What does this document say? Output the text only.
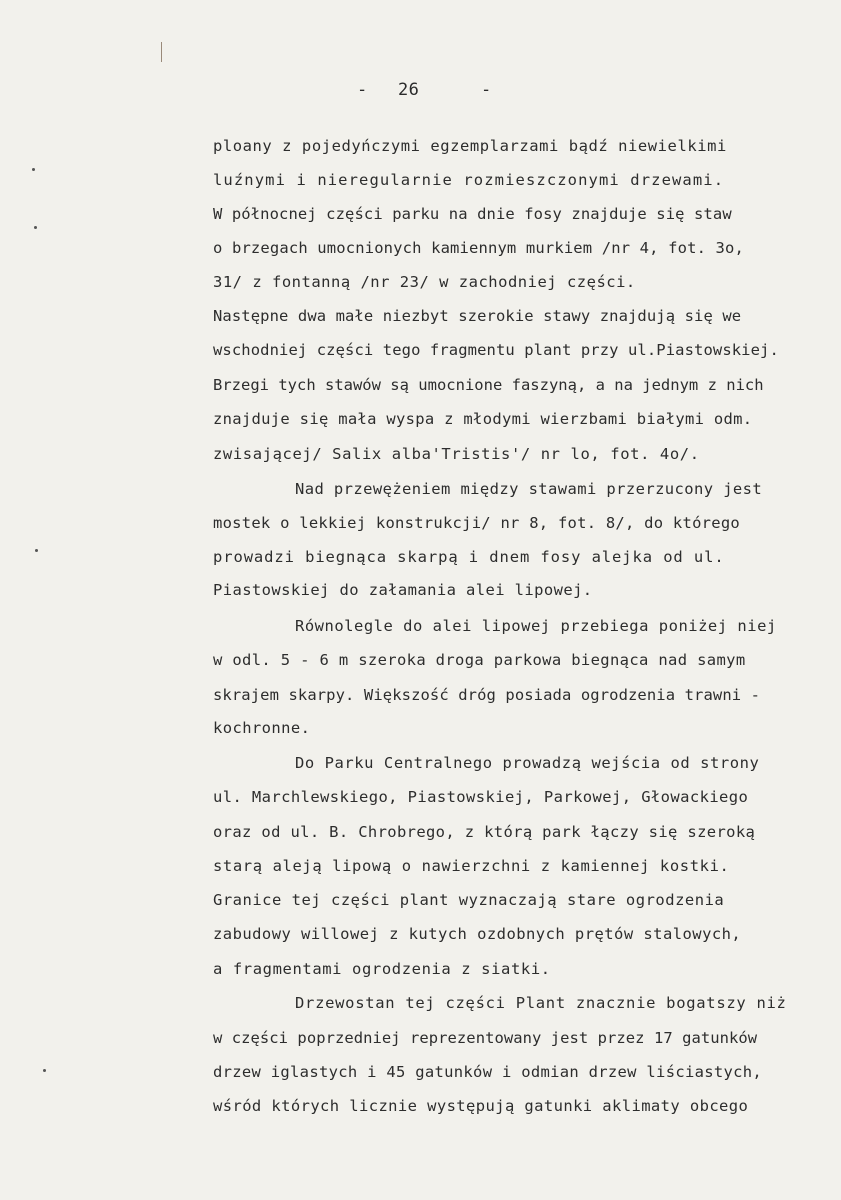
- 26	-
ploany z pojedyńczymi egzemplarzami bądź niewielkimi
luźnymi i nieregularnie rozmieszczonymi drzewami.
W północnej części parku na dnie fosy znajduje się staw
o brzegach umocnionych kamiennym murkiem /nr 4, fot. 3o,
31/ z fontanną /nr 23/ w zachodniej części.
Następne dwa małe niezbyt szerokie stawy znajdują się we
wschodniej części tego fragmentu plant przy ul.Piastowskiej.
Brzegi tych stawów są umocnione faszyną, a na jednym z nich
znajduje się mała wyspa z młodymi wierzbami białymi odm.
zwisającej/ Salix alba'Tristis'/ nr lo, fot. 4o/.
Nad przewężeniem między stawami przerzucony jest
mostek o lekkiej konstrukcji/ nr 8, fot. 8/, do którego
prowadzi biegnąca skarpą i dnem fosy alejka od ul.
Piastowskiej do załamania alei lipowej.
Równolegle do alei lipowej przebiega poniżej niej
w odl. 5 - 6 m szeroka droga parkowa biegnąca nad samym
skrajem skarpy. Większość dróg posiada ogrodzenia trawni -
kochronne.
Do Parku Centralnego prowadzą wejścia od strony
ul. Marchlewskiego, Piastowskiej, Parkowej, Głowackiego
oraz od ul. B. Chrobrego, z którą park łączy się szeroką
starą aleją lipową o nawierzchni z kamiennej kostki.
Granice tej części plant wyznaczają stare ogrodzenia
zabudowy willowej z kutych ozdobnych prętów stalowych,
a fragmentami ogrodzenia z siatki.
Drzewostan tej części Plant znacznie bogatszy niż
w części poprzedniej reprezentowany jest przez 17 gatunków
drzew iglastych i 45 gatunków i odmian drzew liściastych,
wśród których licznie występują gatunki aklimaty obcego
